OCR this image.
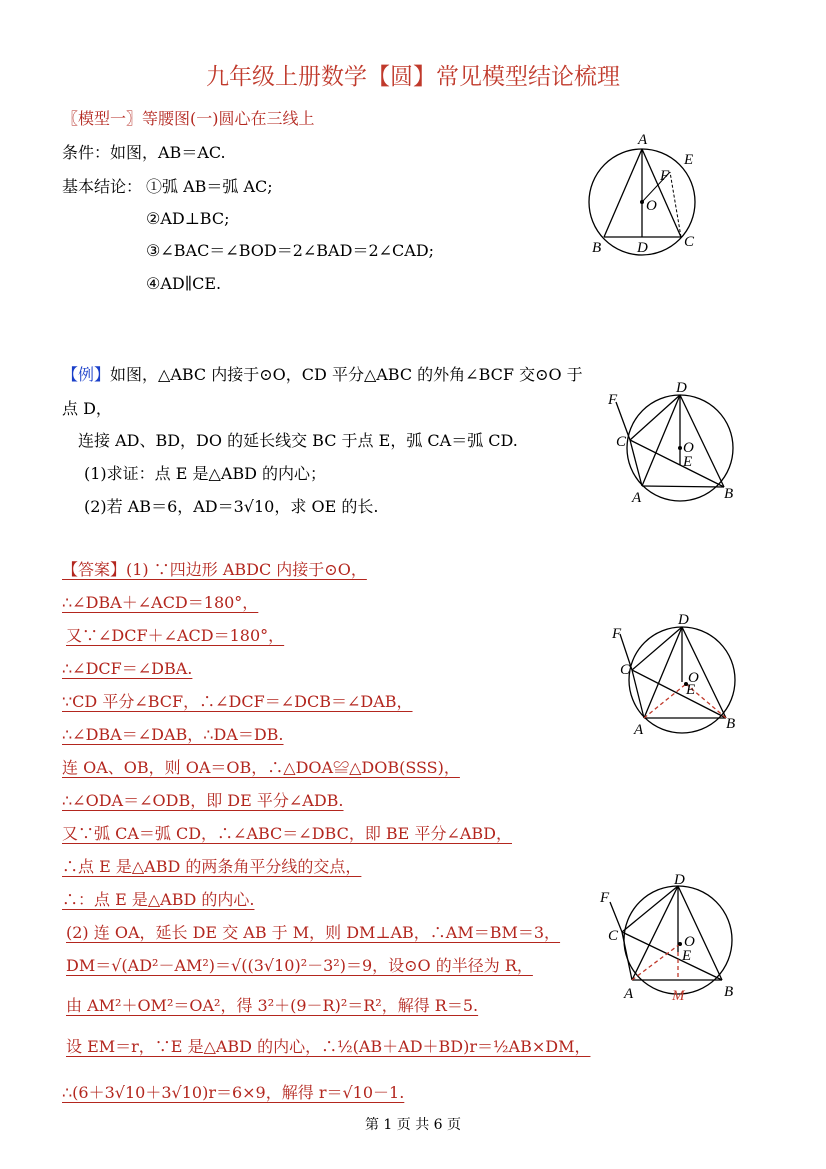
九年级上册数学【圆】常见模型结论梳理
〖模型一〗等腰图(一)圆心在三线上
条件：如图，AB＝AC.
基本结论： ①弧 AB＝弧 AC;
②AD⊥BC;
③∠BAC＝∠BOD＝2∠BAD＝2∠CAD;
④AD∥CE.
A
E
F
O
B D C
【例】如图，△ABC 内接于⊙O，CD 平分△ABC 的外角∠BCF 交⊙O 于
点 D，
连接 AD、BD，DO 的延长线交 BC 于点 E，弧 CA＝弧 CD.
(1)求证：点 E 是△ABD 的内心；
(2)若 AB＝6，AD＝3√10，求 OE 的长.
D
F
C	O
E
A	B
【答案】(1) ∵四边形 ABDC 内接于⊙O，
∴∠DBA＋∠ACD＝180°，
又∵∠DCF＋∠ACD＝180°，
∴∠DCF＝∠DBA.
∵CD 平分∠BCF，∴∠DCF＝∠DCB＝∠DAB，
∴∠DBA＝∠DAB，∴DA＝DB.
连 OA、OB，则 OA＝OB，∴△DOA≌△DOB(SSS)，
∴∠ODA＝∠ODB，即 DE 平分∠ADB.
又∵弧 CA＝弧 CD，∴∠ABC＝∠DBC，即 BE 平分∠ABD，
∴点 E 是△ABD 的两条角平分线的交点，
∴：点 E 是△ABD 的内心.
(2) 连 OA，延长 DE 交 AB 于 M，则 DM⊥AB，∴AM＝BM＝3，
DM＝√(AD²－AM²)＝√((3√10)²－3²)＝9，设⊙O 的半径为 R，
由 AM²＋OM²＝OA²，得 3²＋(9－R)²＝R²，解得 R＝5.
设 EM＝r，∵E 是△ABD 的内心，∴½(AB＋AD＋BD)r＝½AB×DM，
∴(6＋3√10＋3√10)r＝6×9，解得 r＝√10－1.
D
F
C	O
E
A	B
D
F
C	O
E
A	M	B
第 1 页 共 6 页
